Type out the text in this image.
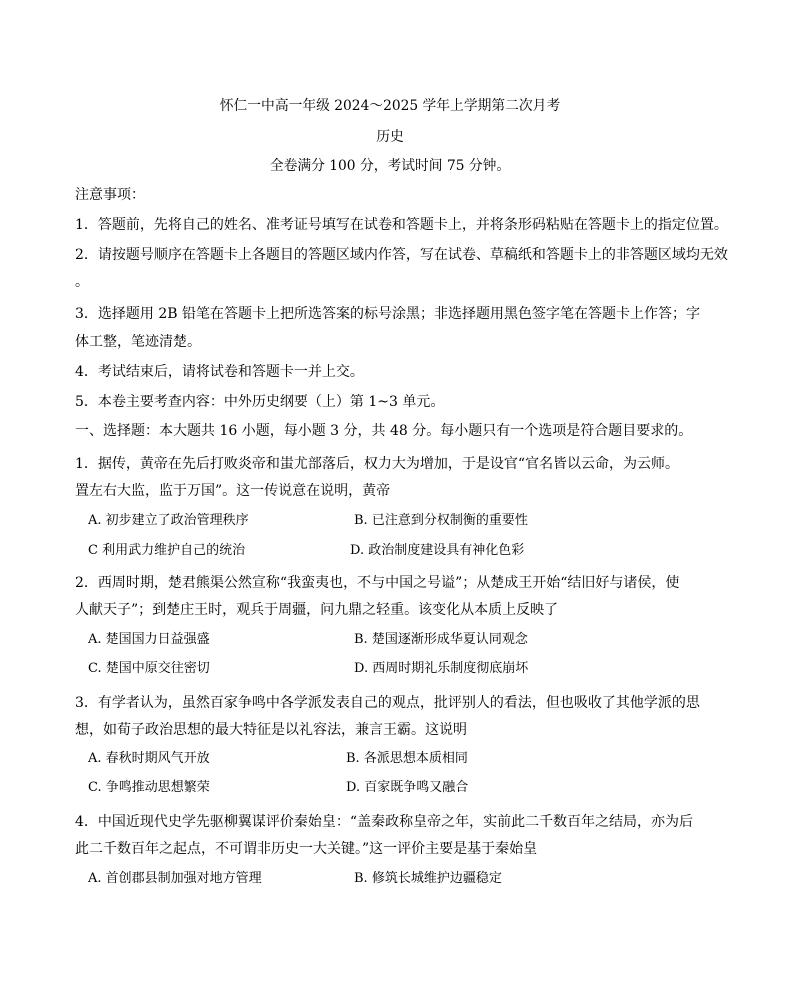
怀仁一中高一年级 2024～2025 学年上学期第二次月考
历史
全卷满分 100 分，考试时间 75 分钟。
注意事项：
1．答题前，先将自己的姓名、准考证号填写在试卷和答题卡上，并将条形码粘贴在答题卡上的指定位置。
2．请按题号顺序在答题卡上各题目的答题区域内作答，写在试卷、草稿纸和答题卡上的非答题区域均无效
。
3．选择题用 2B 铅笔在答题卡上把所选答案的标号涂黑；非选择题用黑色签字笔在答题卡上作答；字
体工整，笔迹清楚。
4．考试结束后，请将试卷和答题卡一并上交。
5．本卷主要考查内容：中外历史纲要（上）第 1~3 单元。
一、选择题：本大题共 16 小题，每小题 3 分，共 48 分。每小题只有一个选项是符合题目要求的。
1．据传，黄帝在先后打败炎帝和蚩尤部落后，权力大为增加，于是设官“官名皆以云命，为云师。
置左右大监，监于万国”。这一传说意在说明，黄帝
A. 初步建立了政治管理秩序	B. 已注意到分权制衡的重要性
C 利用武力维护自己的统治	D. 政治制度建设具有神化色彩
2．西周时期，楚君熊渠公然宣称“我蛮夷也，不与中国之号谥”；从楚成王开始“结旧好与诸侯，使
人献天子”；到楚庄王时，观兵于周疆，问九鼎之轻重。该变化从本质上反映了
A. 楚国国力日益强盛	B. 楚国逐渐形成华夏认同观念
C. 楚国中原交往密切	D. 西周时期礼乐制度彻底崩坏
3．有学者认为，虽然百家争鸣中各学派发表自己的观点，批评别人的看法，但也吸收了其他学派的思
想，如荀子政治思想的最大特征是以礼容法，兼言王霸。这说明
A. 春秋时期风气开放	B. 各派思想本质相同
C. 争鸣推动思想繁荣	D. 百家既争鸣又融合
4．中国近现代史学先驱柳翼谋评价秦始皇：“盖秦政称皇帝之年，实前此二千数百年之结局，亦为后
此二千数百年之起点，不可谓非历史一大关键。”这一评价主要是基于秦始皇
A. 首创郡县制加强对地方管理	B. 修筑长城维护边疆稳定
